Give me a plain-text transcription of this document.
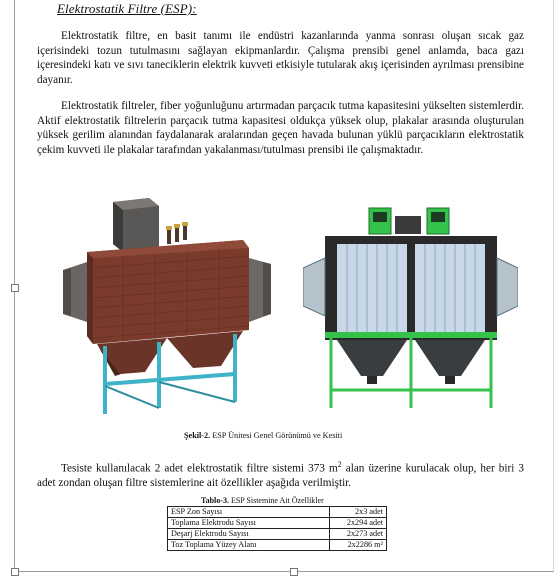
Elektrostatik Filtre (ESP):

Elektrostatik filtre, en basit tanımı ile endüstri kazanlarında yanma sonrası oluşan sıcak gaz içerisindeki tozun tutulmasını sağlayan ekipmanlardır. Çalışma prensibi genel anlamda, baca gazı içeresindeki katı ve sıvı taneciklerin elektrik kuvveti etkisiyle tutularak akış içerisinden ayrılması prensibine dayanır.

Elektrostatik filtreler, fiber yoğunluğunu artırmadan parçacık tutma kapasitesini yükselten sistemlerdir. Aktif elektrostatik filtrelerin parçacık tutma kapasitesi oldukça yüksek olup, plakalar arasında oluşturulan yüksek gerilim alanından faydalanarak aralarından geçen havada bulunan yüklü parçacıkların elektrostatik çekim kuvveti ile plakalar tarafından yakalanması/tutulması prensibi ile çalışmaktadır.

Şekil-2. ESP Ünitesi Genel Görünümü ve Kesiti

Tesiste kullanılacak 2 adet elektrostatik filtre sistemi 373 $m^2$ alan üzerine kurulacak olup, her biri 3 adet zondan oluşan filtre sistemlerine ait özellikler aşağıda verilmiştir.

Tablo-3. ESP Sistemine Ait Özellikler
ESP Zon Sayısı	2x3 adet
Toplama Elektrodu Sayısı	2x294 adet
Deşarj Elektrodu Sayısı	2x273 adet
Toz Toplama Yüzey Alanı	2x2286 m²
